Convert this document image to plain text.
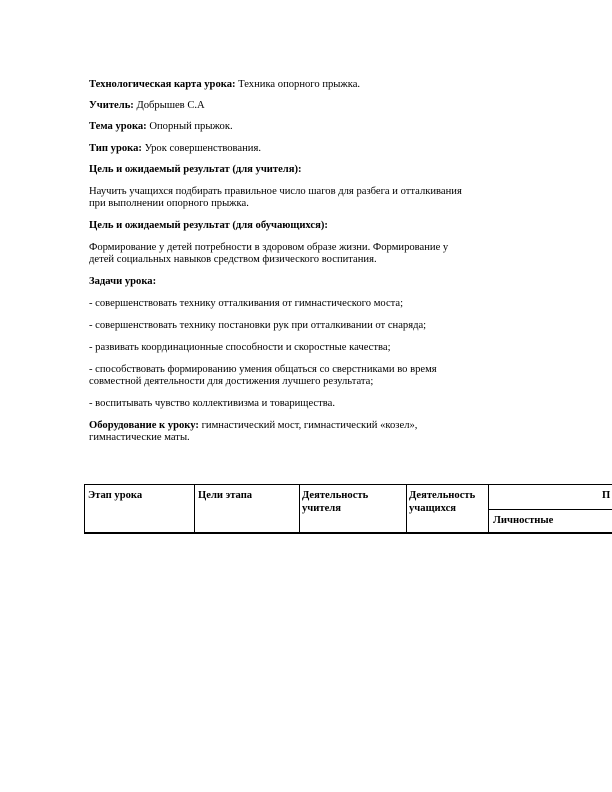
Технологическая карта урока: Техника опорного прыжка.

Учитель: Добрышев С.А

Тема урока: Опорный прыжок.

Тип урока: Урок совершенствования.

Цель и ожидаемый результат (для учителя):

Научить учащихся подбирать правильное число шагов для разбега и отталкивания

при выполнении опорного прыжка.

Цель и ожидаемый результат (для обучающихся):

Формирование у детей потребности в здоровом образе жизни. Формирование у

детей социальных навыков средством физического воспитания.

Задачи урока:

- совершенствовать технику отталкивания от гимнастического моста;

- совершенствовать технику постановки рук при отталкивании от снаряда;

- развивать координационные способности и скоростные качества;

- способствовать формированию умения общаться со сверстниками во время

совместной деятельности для достижения лучшего результата;

- воспитывать чувство коллективизма и товарищества.

Оборудование к уроку: гимнастический мост, гимнастический «козел»,

гимнастические маты.

Этап урока	Цели этапа	Деятельность
учителя
Деятельность
учащихся
П
Личностные
